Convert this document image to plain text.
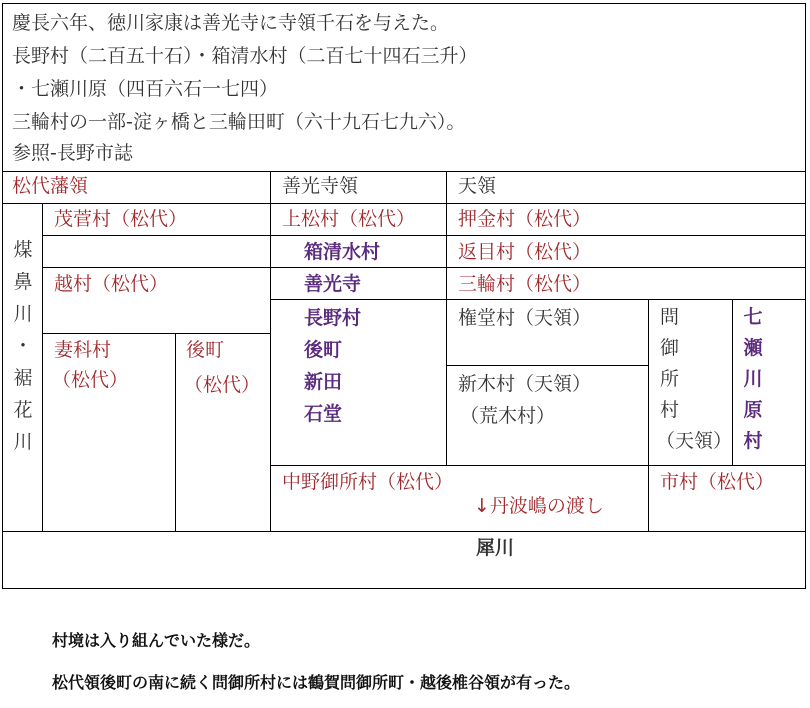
慶長六年、徳川家康は善光寺に寺領千石を与えた。
長野村（二百五十石）・箱清水村（二百七十四石三升）
・七瀬川原（四百六石一七四）
三輪村の一部-淀ヶ橋と三輪田町（六十九石七九六）。
参照-長野市誌
松代藩領	善光寺領	天領
煤
鼻
川
・
裾
花
川
茂菅村（松代）
越村（松代）
妻科村
（松代）
後町
（松代）
上松村（松代）
箱清水村
善光寺
長野村
後町
新田
石堂
押金村（松代）
返目村（松代）
三輪村（松代）
権堂村（天領）
新木村（天領）
（荒木村）
問
御
所
村
（天領）
七
瀬
川
原
村
中野御所村（松代）
↓丹波嶋の渡し
市村（松代）
犀川
村境は入り組んでいた様だ。
松代領後町の南に続く問御所村には鶴賀問御所町・越後椎谷領が有った。
